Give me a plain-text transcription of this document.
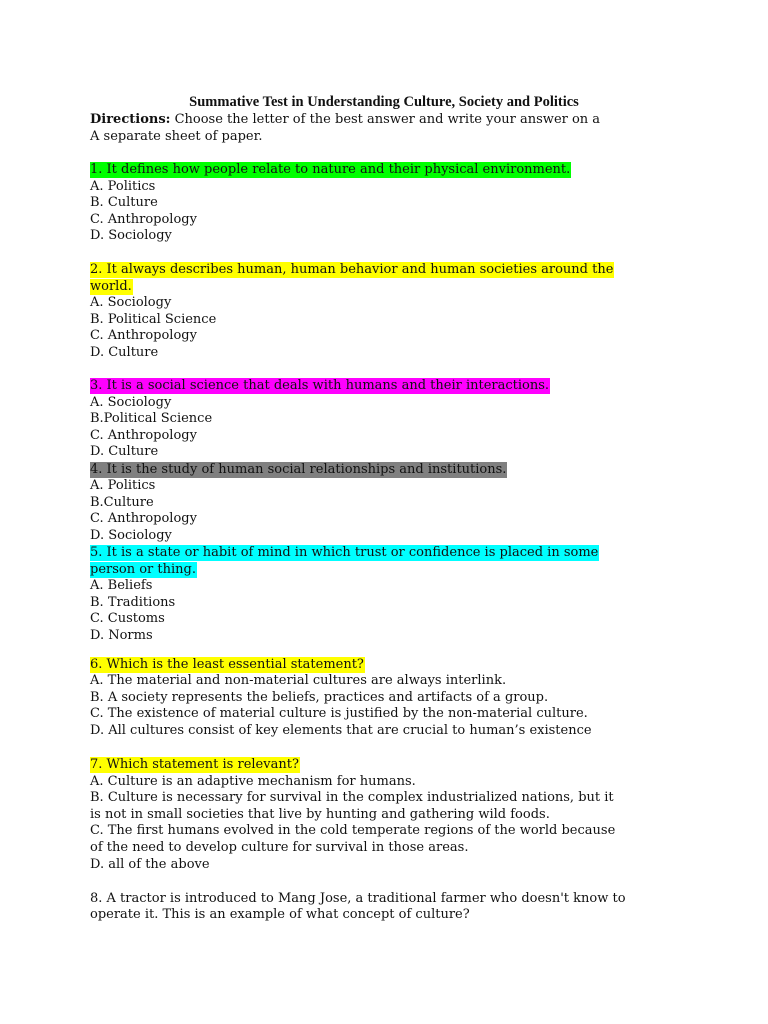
Summative Test in Understanding Culture, Society and Politics
Directions: Choose the letter of the best answer and write your answer on a
A separate sheet of paper.
1. It defines how people relate to nature and their physical environment.
A. Politics
B. Culture
C. Anthropology
D. Sociology
2. It always describes human, human behavior and human societies around the
world.
A. Sociology
B. Political Science
C. Anthropology
D. Culture
3. It is a social science that deals with humans and their interactions.
A. Sociology
B.Political Science
C. Anthropology
D. Culture
4. It is the study of human social relationships and institutions.
A. Politics
B.Culture
C. Anthropology
D. Sociology
5. It is a state or habit of mind in which trust or confidence is placed in some
person or thing.
A. Beliefs
B. Traditions
C. Customs
D. Norms
6. Which is the least essential statement?
A. The material and non-material cultures are always interlink.
B. A society represents the beliefs, practices and artifacts of a group.
C. The existence of material culture is justified by the non-material culture.
D. All cultures consist of key elements that are crucial to human’s existence
7. Which statement is relevant?
A. Culture is an adaptive mechanism for humans.
B. Culture is necessary for survival in the complex industrialized nations, but it
is not in small societies that live by hunting and gathering wild foods.
C. The first humans evolved in the cold temperate regions of the world because
of the need to develop culture for survival in those areas.
D. all of the above
8. A tractor is introduced to Mang Jose, a traditional farmer who doesn't know to
operate it. This is an example of what concept of culture?
